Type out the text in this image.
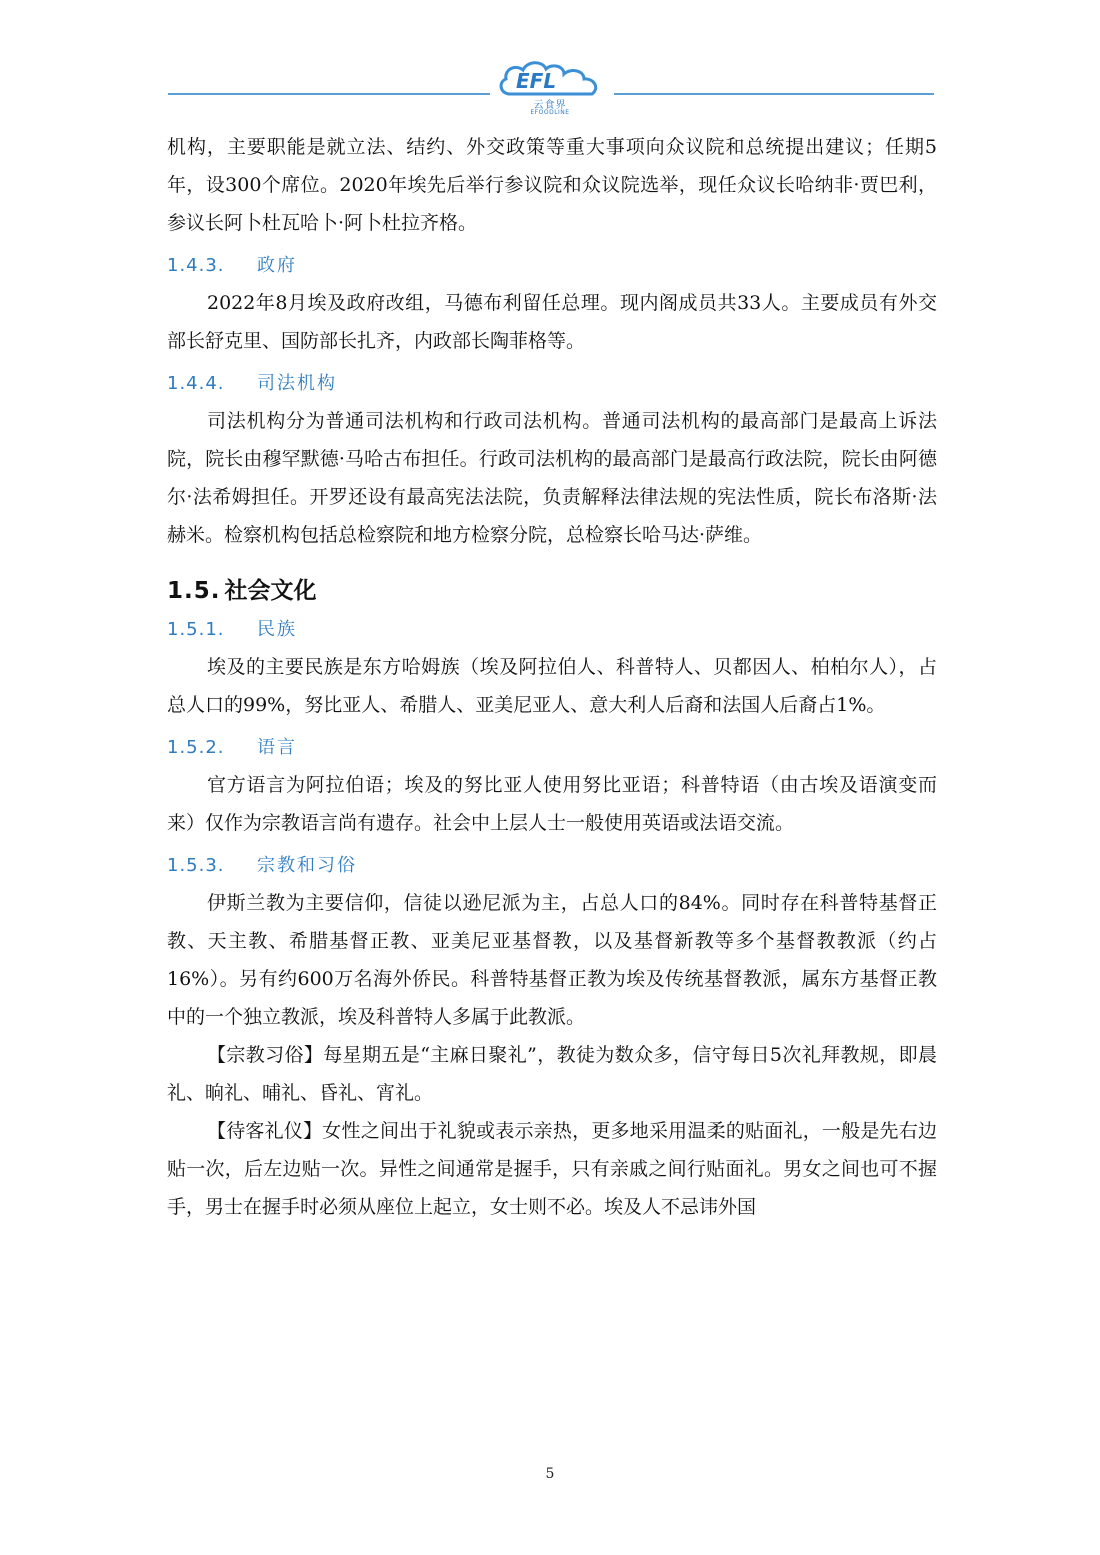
EFL
云食界
EFOODLINE

机构，主要职能是就立法、结约、外交政策等重大事项向众议院和总统提出建议；任期5年，设300个席位。2020年埃先后举行参议院和众议院选举，现任众议长哈纳非·贾巴利，参议长阿卜杜瓦哈卜·阿卜杜拉齐格。

1.4.3. 政府

2022年8月埃及政府改组，马德布利留任总理。现内阁成员共33人。主要成员有外交部长舒克里、国防部长扎齐，内政部长陶菲格等。

1.4.4. 司法机构

司法机构分为普通司法机构和行政司法机构。普通司法机构的最高部门是最高上诉法院，院长由穆罕默德·马哈古布担任。行政司法机构的最高部门是最高行政法院，院长由阿德尔·法希姆担任。开罗还设有最高宪法法院，负责解释法律法规的宪法性质，院长布洛斯·法赫米。检察机构包括总检察院和地方检察分院，总检察长哈马达·萨维。

1.5. 社会文化
1.5.1. 民族

埃及的主要民族是东方哈姆族（埃及阿拉伯人、科普特人、贝都因人、柏柏尔人），占总人口的99%，努比亚人、希腊人、亚美尼亚人、意大利人后裔和法国人后裔占1%。

1.5.2. 语言

官方语言为阿拉伯语；埃及的努比亚人使用努比亚语；科普特语（由古埃及语演变而来）仅作为宗教语言尚有遗存。社会中上层人士一般使用英语或法语交流。

1.5.3. 宗教和习俗

伊斯兰教为主要信仰，信徒以逊尼派为主，占总人口的84%。同时存在科普特基督正教、天主教、希腊基督正教、亚美尼亚基督教，以及基督新教等多个基督教教派（约占16%）。另有约600万名海外侨民。科普特基督正教为埃及传统基督教派，属东方基督正教中的一个独立教派，埃及科普特人多属于此教派。

【宗教习俗】每星期五是“主麻日聚礼”，教徒为数众多，信守每日5次礼拜教规，即晨礼、晌礼、晡礼、昏礼、宵礼。

【待客礼仪】女性之间出于礼貌或表示亲热，更多地采用温柔的贴面礼，一般是先右边贴一次，后左边贴一次。异性之间通常是握手，只有亲戚之间行贴面礼。男女之间也可不握手，男士在握手时必须从座位上起立，女士则不必。埃及人不忌讳外国

5
